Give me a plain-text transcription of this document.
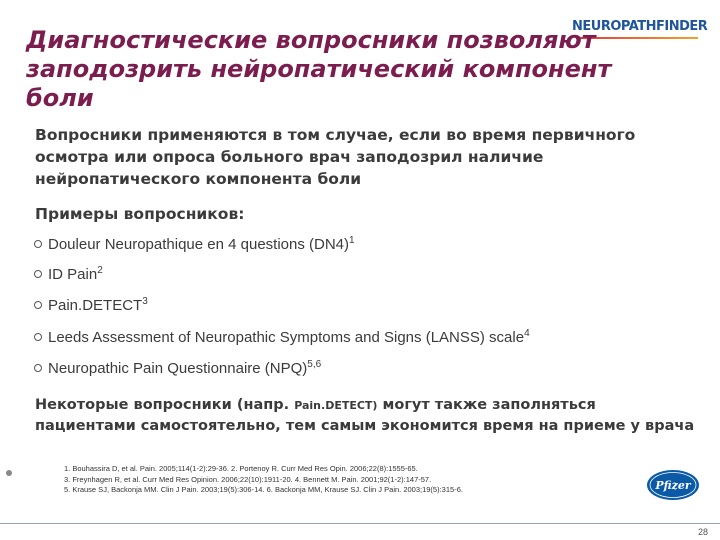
NEUROPATHFINDER
Диагностические вопросники позволяют заподозрить нейропатический компонент боли

Вопросники применяются в том случае, если во время первичного осмотра или опроса больного врач заподозрил наличие нейропатического компонента боли

Примеры вопросников:

Douleur Neuropathique en 4 questions $(DN4)^1$

ID Pain$^2$

Pain.DETECT$^3$

Leeds Assessment of Neuropathic Symptoms and Signs (LANSS) scale$^4$

Neuropathic Pain Questionnaire (NPQ)$^{5,6}$

Некоторые вопросники (напр. Pain.DETECT) могут также заполняться пациентами самостоятельно, тем самым экономится время на приеме у врача

1. Bouhassira D, et al. Pain. 2005;114(1-2):29-36. 2. Portenoy R. Curr Med Res Opin. 2006;22(8):1555-65.
3. Freynhagen R, et al. Curr Med Res Opinion. 2006;22(10):1911-20. 4. Bennett M. Pain. 2001;92(1-2):147-57.
5. Krause SJ, Backonja MM. Clin J Pain. 2003;19(5):306-14. 6. Backonja MM, Krause SJ. Clin J Pain. 2003;19(5):315-6.	Pfizer

28
